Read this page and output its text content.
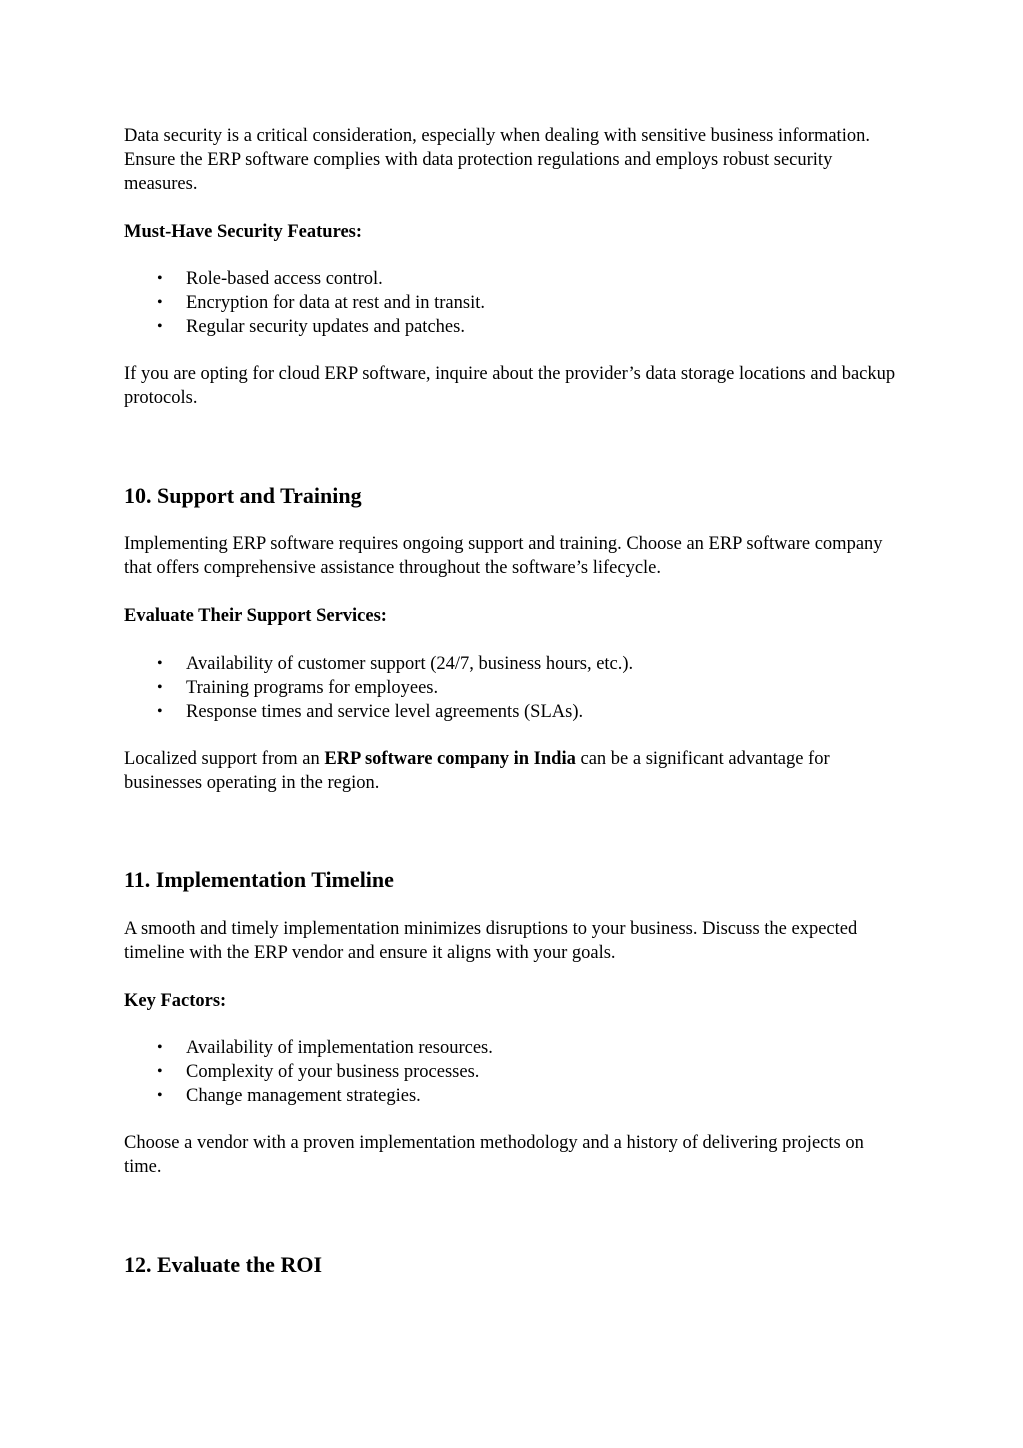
Data security is a critical consideration, especially when dealing with sensitive business information. Ensure the ERP software complies with data protection regulations and employs robust security measures.

Must-Have Security Features:

• Role-based access control.
• Encryption for data at rest and in transit.
• Regular security updates and patches.

If you are opting for cloud ERP software, inquire about the provider’s data storage locations and backup protocols.

10. Support and Training

Implementing ERP software requires ongoing support and training. Choose an ERP software company that offers comprehensive assistance throughout the software’s lifecycle.

Evaluate Their Support Services:

• Availability of customer support (24/7, business hours, etc.).
• Training programs for employees.
• Response times and service level agreements (SLAs).

Localized support from an ERP software company in India can be a significant advantage for businesses operating in the region.

11. Implementation Timeline

A smooth and timely implementation minimizes disruptions to your business. Discuss the expected timeline with the ERP vendor and ensure it aligns with your goals.

Key Factors:

• Availability of implementation resources.
• Complexity of your business processes.
• Change management strategies.

Choose a vendor with a proven implementation methodology and a history of delivering projects on time.

12. Evaluate the ROI
